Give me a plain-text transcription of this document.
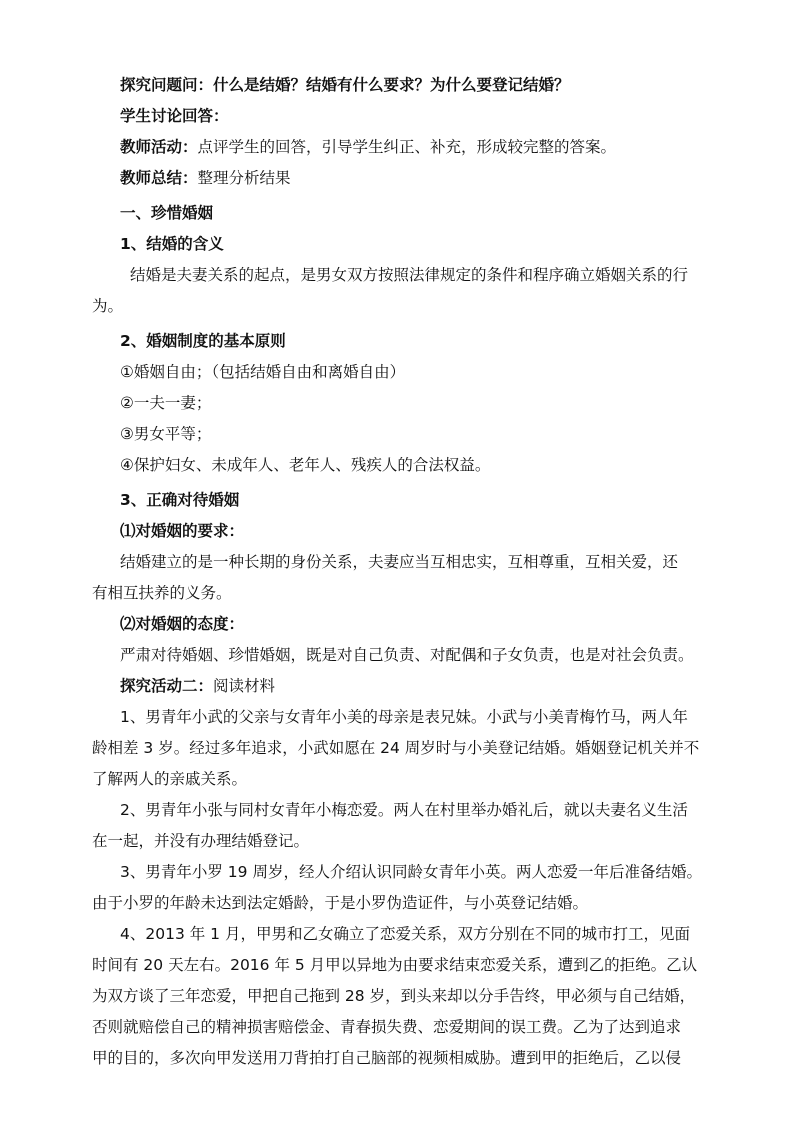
探究问题问：什么是结婚？结婚有什么要求？为什么要登记结婚？
学生讨论回答：
教师活动：点评学生的回答，引导学生纠正、补充，形成较完整的答案。
教师总结：整理分析结果
一、珍惜婚姻
1、结婚的含义
结婚是夫妻关系的起点，是男女双方按照法律规定的条件和程序确立婚姻关系的行
为。
2、婚姻制度的基本原则
①婚姻自由；（包括结婚自由和离婚自由）
②一夫一妻；
③男女平等；
④保护妇女、未成年人、老年人、残疾人的合法权益。
3、正确对待婚姻
⑴对婚姻的要求：
结婚建立的是一种长期的身份关系，夫妻应当互相忠实，互相尊重，互相关爱，还
有相互扶养的义务。
⑵对婚姻的态度：
严肃对待婚姻、珍惜婚姻，既是对自己负责、对配偶和子女负责，也是对社会负责。
探究活动二：阅读材料
1、男青年小武的父亲与女青年小美的母亲是表兄妹。小武与小美青梅竹马，两人年
龄相差 3 岁。经过多年追求，小武如愿在 24 周岁时与小美登记结婚。婚姻登记机关并不
了解两人的亲戚关系。
2、男青年小张与同村女青年小梅恋爱。两人在村里举办婚礼后，就以夫妻名义生活
在一起，并没有办理结婚登记。
3、男青年小罗 19 周岁，经人介绍认识同龄女青年小英。两人恋爱一年后准备结婚。
由于小罗的年龄未达到法定婚龄，于是小罗伪造证件，与小英登记结婚。
4、2013 年 1 月，甲男和乙女确立了恋爱关系，双方分别在不同的城市打工，见面
时间有 20 天左右。2016 年 5 月甲以异地为由要求结束恋爱关系，遭到乙的拒绝。乙认
为双方谈了三年恋爱，甲把自己拖到 28 岁，到头来却以分手告终，甲必须与自己结婚，
否则就赔偿自己的精神损害赔偿金、青春损失费、恋爱期间的误工费。乙为了达到追求
甲的目的，多次向甲发送用刀背拍打自己脑部的视频相威胁。遭到甲的拒绝后，乙以侵
